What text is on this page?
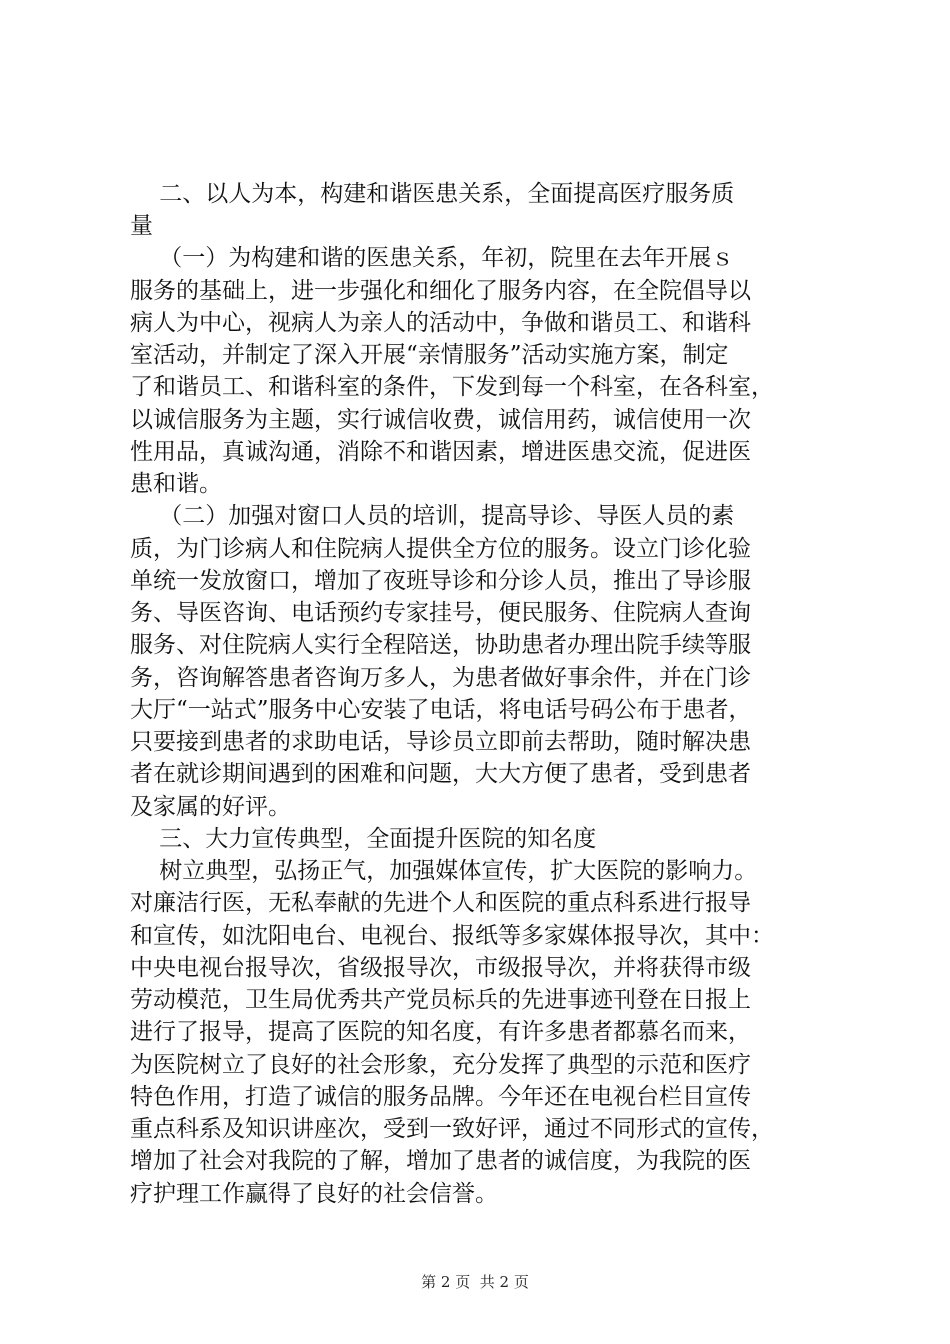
二、以人为本，构建和谐医患关系，全面提高医疗服务质
量
（一）为构建和谐的医患关系，年初，院里在去年开展ｓ
服务的基础上，进一步强化和细化了服务内容，在全院倡导以
病人为中心，视病人为亲人的活动中，争做和谐员工、和谐科
室活动，并制定了深入开展“亲情服务”活动实施方案，制定
了和谐员工、和谐科室的条件，下发到每一个科室，在各科室，
以诚信服务为主题，实行诚信收费，诚信用药，诚信使用一次
性用品，真诚沟通，消除不和谐因素，增进医患交流，促进医
患和谐。
（二）加强对窗口人员的培训，提高导诊、导医人员的素
质，为门诊病人和住院病人提供全方位的服务。设立门诊化验
单统一发放窗口，增加了夜班导诊和分诊人员，推出了导诊服
务、导医咨询、电话预约专家挂号，便民服务、住院病人查询
服务、对住院病人实行全程陪送，协助患者办理出院手续等服
务，咨询解答患者咨询万多人，为患者做好事余件，并在门诊
大厅“一站式”服务中心安装了电话，将电话号码公布于患者，
只要接到患者的求助电话，导诊员立即前去帮助，随时解决患
者在就诊期间遇到的困难和问题，大大方便了患者，受到患者
及家属的好评。
三、大力宣传典型，全面提升医院的知名度
树立典型，弘扬正气，加强媒体宣传，扩大医院的影响力。
对廉洁行医，无私奉献的先进个人和医院的重点科系进行报导
和宣传，如沈阳电台、电视台、报纸等多家媒体报导次，其中：
中央电视台报导次，省级报导次，市级报导次，并将获得市级
劳动模范，卫生局优秀共产党员标兵的先进事迹刊登在日报上
进行了报导，提高了医院的知名度，有许多患者都慕名而来，
为医院树立了良好的社会形象，充分发挥了典型的示范和医疗
特色作用，打造了诚信的服务品牌。今年还在电视台栏目宣传
重点科系及知识讲座次，受到一致好评，通过不同形式的宣传，
增加了社会对我院的了解，增加了患者的诚信度，为我院的医
疗护理工作赢得了良好的社会信誉。
第 2 页  共 2 页
